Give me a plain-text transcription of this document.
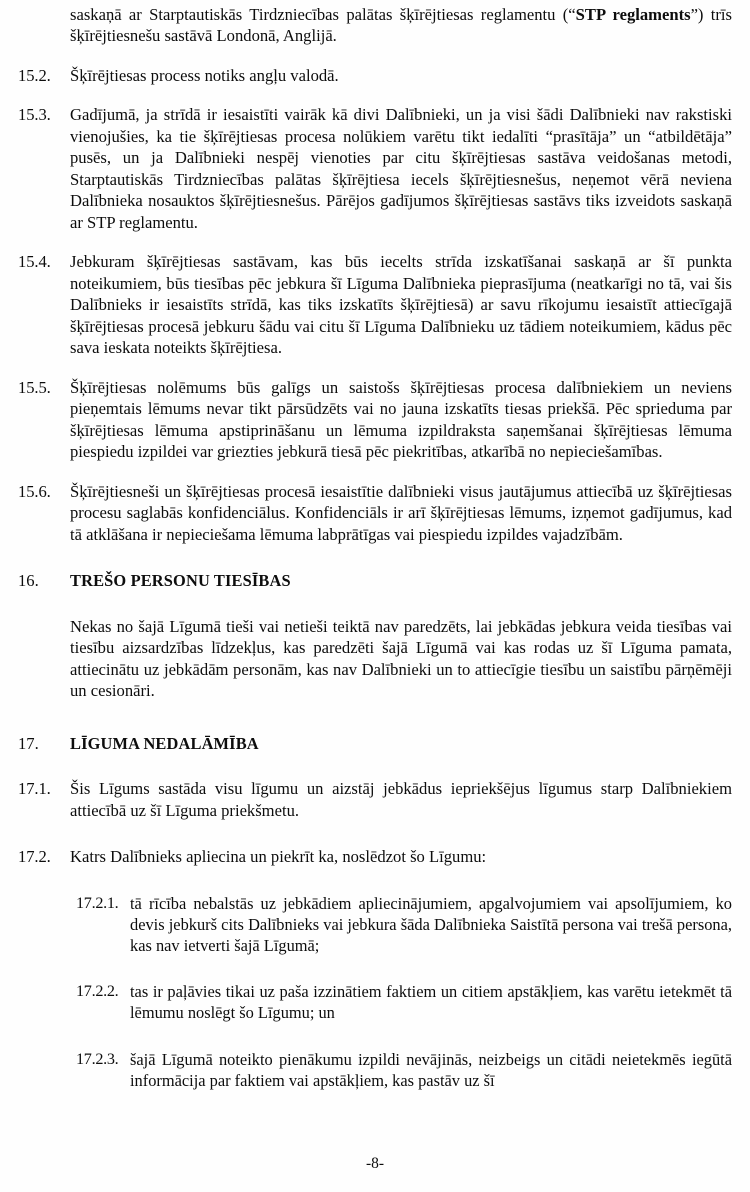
saskaņā ar Starptautiskās Tirdzniecības palātas šķīrējtiesas reglamentu (“STP reglaments”) trīs šķīrējtiesnešu sastāvā Londonā, Anglijā.
15.2.	Šķīrējtiesas process notiks angļu valodā.
15.3.	Gadījumā, ja strīdā ir iesaistīti vairāk kā divi Dalībnieki, un ja visi šādi Dalībnieki nav rakstiski vienojušies, ka tie šķīrējtiesas procesa nolūkiem varētu tikt iedalīti “prasītāja” un “atbildētāja” pusēs, un ja Dalībnieki nespēj vienoties par citu šķīrējtiesas sastāva veidošanas metodi, Starptautiskās Tirdzniecības palātas šķīrējtiesa iecels šķīrējtiesnešus, neņemot vērā neviena Dalībnieka nosauktos šķīrējtiesnešus. Pārējos gadījumos šķīrējtiesas sastāvs tiks izveidots saskaņā ar STP reglamentu.
15.4.	Jebkuram šķīrējtiesas sastāvam, kas būs iecelts strīda izskatīšanai saskaņā ar šī punkta noteikumiem, būs tiesības pēc jebkura šī Līguma Dalībnieka pieprasījuma (neatkarīgi no tā, vai šis Dalībnieks ir iesaistīts strīdā, kas tiks izskatīts šķīrējtiesā) ar savu rīkojumu iesaistīt attiecīgajā šķīrējtiesas procesā jebkuru šādu vai citu šī Līguma Dalībnieku uz tādiem noteikumiem, kādus pēc sava ieskata noteikts šķīrējtiesa.
15.5.	Šķīrējtiesas nolēmums būs galīgs un saistošs šķīrējtiesas procesa dalībniekiem un neviens pieņemtais lēmums nevar tikt pārsūdzēts vai no jauna izskatīts tiesas priekšā. Pēc sprieduma par šķīrējtiesas lēmuma apstiprināšanu un lēmuma izpildraksta saņemšanai šķīrējtiesas lēmuma piespiedu izpildei var griezties jebkurā tiesā pēc piekritības, atkarībā no nepieciešamības.
15.6.	Šķīrējtiesneši un šķīrējtiesas procesā iesaistītie dalībnieki visus jautājumus attiecībā uz šķīrējtiesas procesu saglabās konfidenciālus. Konfidenciāls ir arī šķīrējtiesas lēmums, izņemot gadījumus, kad tā atklāšana ir nepieciešama lēmuma labprātīgas vai piespiedu izpildes vajadzībām.
16.	TREŠO PERSONU TIESĪBAS
Nekas no šajā Līgumā tieši vai netieši teiktā nav paredzēts, lai jebkādas jebkura veida tiesības vai tiesību aizsardzības līdzekļus, kas paredzēti šajā Līgumā vai kas rodas uz šī Līguma pamata, attiecinātu uz jebkādām personām, kas nav Dalībnieki un to attiecīgie tiesību un saistību pārņēmēji un cesionāri.
17.	LĪGUMA NEDALĀMĪBA
17.1.	Šis Līgums sastāda visu līgumu un aizstāj jebkādus iepriekšējus līgumus starp Dalībniekiem attiecībā uz šī Līguma priekšmetu.
17.2.	Katrs Dalībnieks apliecina un piekrīt ka, noslēdzot šo Līgumu:
17.2.1. tā rīcība nebalstās uz jebkādiem apliecinājumiem, apgalvojumiem vai apsolījumiem, ko devis jebkurš cits Dalībnieks vai jebkura šāda Dalībnieka Saistītā persona vai trešā persona, kas nav ietverti šajā Līgumā;
17.2.2. tas ir paļāvies tikai uz paša izzinātiem faktiem un citiem apstākļiem, kas varētu ietekmēt tā lēmumu noslēgt šo Līgumu; un
17.2.3. šajā Līgumā noteikto pienākumu izpildi nevājinās, neizbeigs un citādi neietekmēs iegūtā informācija par faktiem vai apstākļiem, kas pastāv uz šī
-8-
